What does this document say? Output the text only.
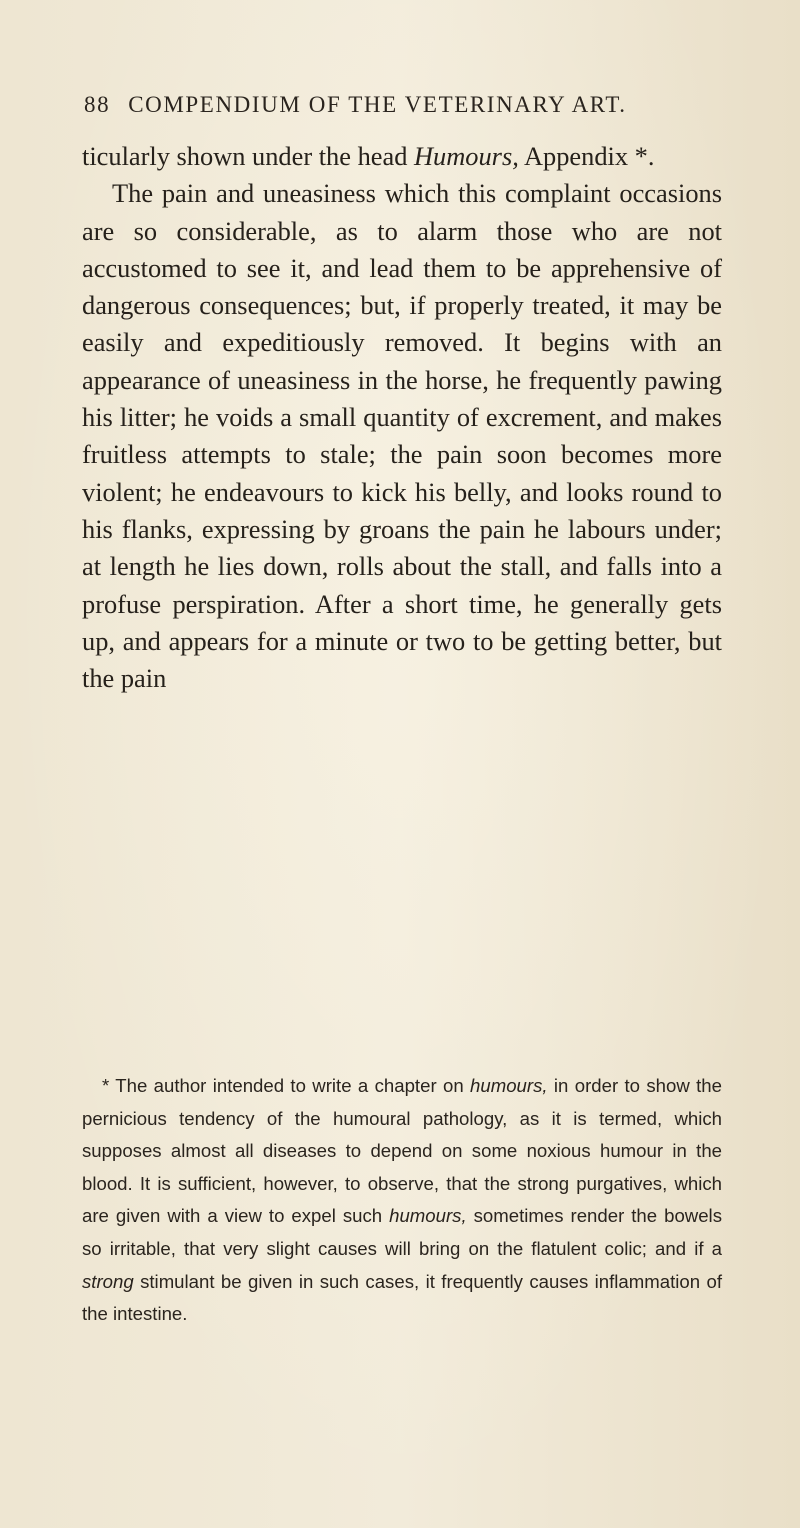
88 COMPENDIUM OF THE VETERINARY ART.

ticularly shown under the head Humours, Appendix *.

The pain and uneasiness which this complaint occasions are so considerable, as to alarm those who are not accustomed to see it, and lead them to be apprehensive of dangerous consequences; but, if properly treated, it may be easily and expeditiously removed. It begins with an appearance of uneasiness in the horse, he frequently pawing his litter; he voids a small quantity of excrement, and makes fruitless attempts to stale; the pain soon becomes more violent; he endeavours to kick his belly, and looks round to his flanks, expressing by groans the pain he labours under; at length he lies down, rolls about the stall, and falls into a profuse perspiration. After a short time, he generally gets up, and appears for a minute or two to be getting better, but the pain

* The author intended to write a chapter on humours, in order to show the pernicious tendency of the humoural pathology, as it is termed, which supposes almost all diseases to depend on some noxious humour in the blood. It is sufficient, however, to observe, that the strong purgatives, which are given with a view to expel such humours, sometimes render the bowels so irritable, that very slight causes will bring on the flatulent colic; and if a strong stimulant be given in such cases, it frequently causes inflammation of the intestine.
